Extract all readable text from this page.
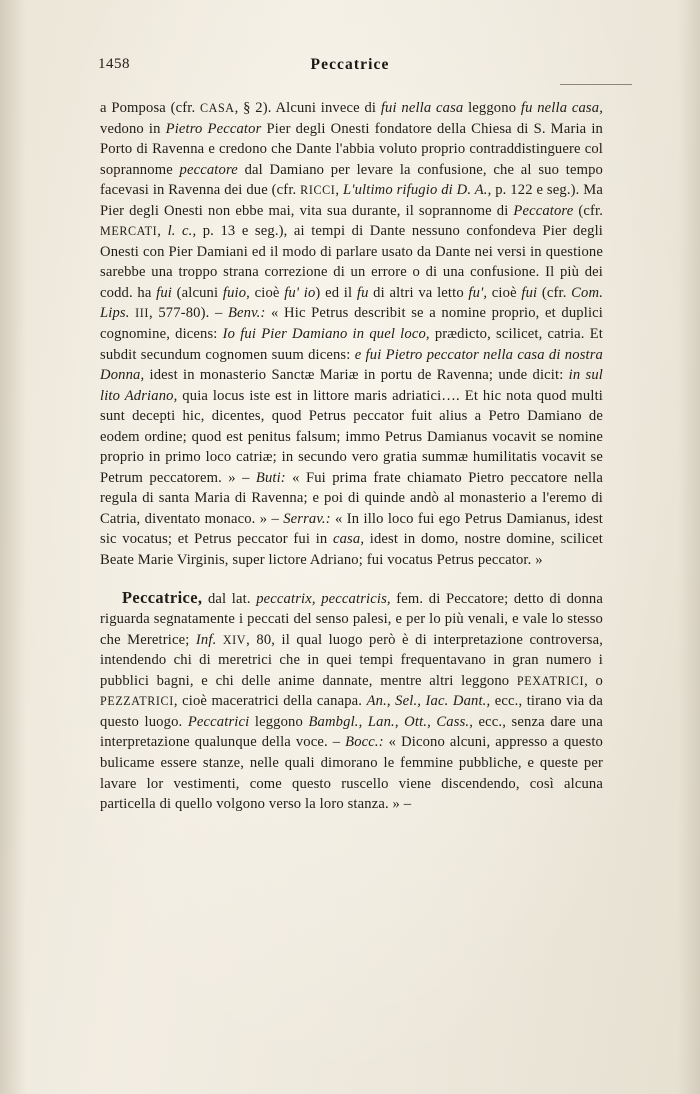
1458	Peccatrice

a Pomposa (cfr. CASA, § 2). Alcuni invece di fui nella casa leggono fu nella casa, vedono in Pietro Peccator Pier degli Onesti fondatore della Chiesa di S. Maria in Porto di Ravenna e credono che Dante l'abbia voluto proprio contraddistinguere col soprannome peccatore dal Damiano per levare la confusione, che al suo tempo facevasi in Ravenna dei due (cfr. RICCI, L'ultimo rifugio di D. A., p. 122 e seg.). Ma Pier degli Onesti non ebbe mai, vita sua durante, il soprannome di Peccatore (cfr. MERCATI, l. c., p. 13 e seg.), ai tempi di Dante nessuno confondeva Pier degli Onesti con Pier Damiani ed il modo di parlare usato da Dante nei versi in questione sarebbe una troppo strana correzione di un errore o di una confusione. Il più dei codd. ha fui (alcuni fuio, cioè fu' io) ed il fu di altri va letto fu', cioè fui (cfr. Com. Lips. III, 577-80). – Benv.: « Hic Petrus describit se a nomine proprio, et duplici cognomine, dicens: Io fui Pier Damiano in quel loco, prædicto, scilicet, catria. Et subdit secundum cognomen suum dicens: e fui Pietro peccator nella casa di nostra Donna, idest in monasterio Sanctæ Mariæ in portu de Ravenna; unde dicit: in sul lito Adriano, quia locus iste est in littore maris adriatici…. Et hic nota quod multi sunt decepti hic, dicentes, quod Petrus peccator fuit alius a Petro Damiano de eodem ordine; quod est penitus falsum; immo Petrus Damianus vocavit se nomine proprio in primo loco catriæ; in secundo vero gratia summæ humilitatis vocavit se Petrum peccatorem. » – Buti: « Fui prima frate chiamato Pietro peccatore nella regula di santa Maria di Ravenna; e poi di quinde andò al monasterio a l'eremo di Catria, diventato monaco. » – Serrav.: « In illo loco fui ego Petrus Damianus, idest sic vocatus; et Petrus peccator fui in casa, idest in domo, nostre domine, scilicet Beate Marie Virginis, super lictore Adriano; fui vocatus Petrus peccator. »

Peccatrice, dal lat. peccatrix, peccatricis, fem. di Peccatore; detto di donna riguarda segnatamente i peccati del senso palesi, e per lo più venali, e vale lo stesso che Meretrice; Inf. XIV, 80, il qual luogo però è di interpretazione controversa, intendendo chi di meretrici che in quei tempi frequentavano in gran numero i pubblici bagni, e chi delle anime dannate, mentre altri leggono PEXATRICI, o PEZZATRICI, cioè maceratrici della canapa. An., Sel., Iac. Dant., ecc., tirano via da questo luogo. Peccatrici leggono Bambgl., Lan., Ott., Cass., ecc., senza dare una interpretazione qualunque della voce. – Bocc.: « Dicono alcuni, appresso a questo bulicame essere stanze, nelle quali dimorano le femmine pubbliche, e queste per lavare lor vestimenti, come questo ruscello viene discendendo, così alcuna particella di quello volgono verso la loro stanza. » –
